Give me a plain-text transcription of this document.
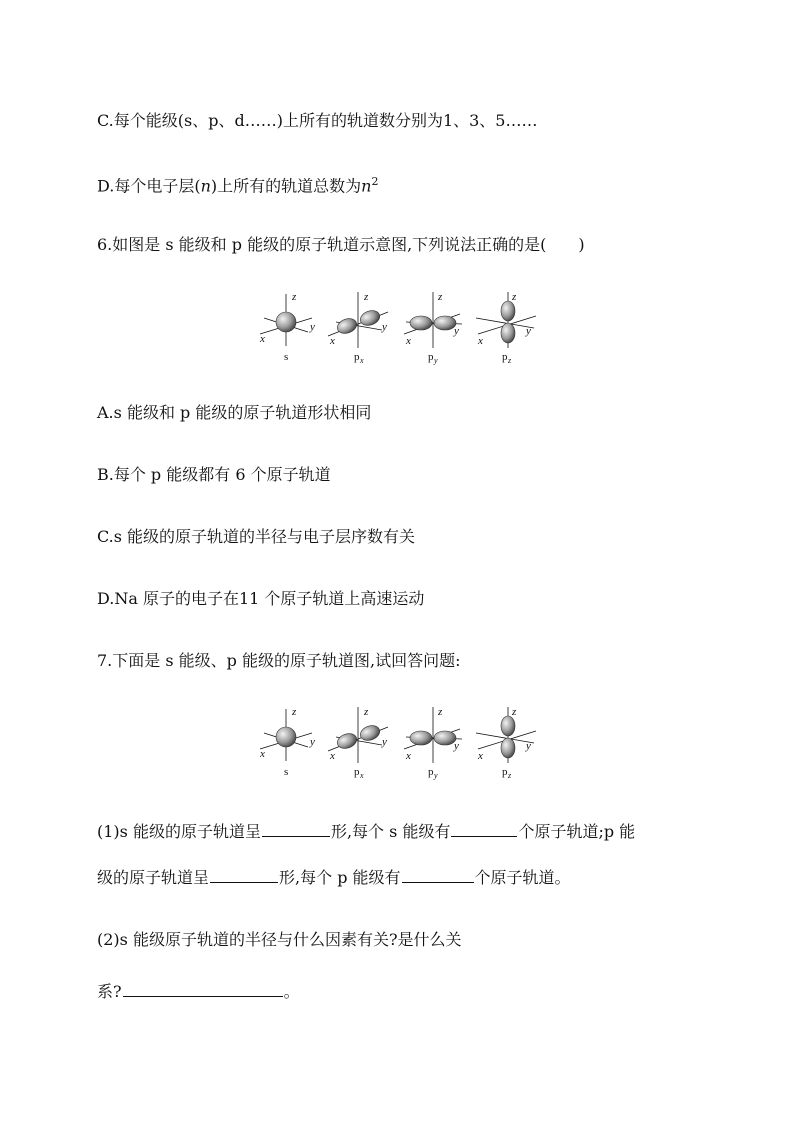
C.每个能级(s、p、d……)上所有的轨道数分别为1、3、5……
D.每个电子层(n)上所有的轨道总数为$n^2$
6.如图是 s 能级和 p 能级的原子轨道示意图,下列说法正确的是(　　)
z
y
x
s
z
y
x
p x
z
y
x
p y
z
y
x
p z
A.s 能级和 p 能级的原子轨道形状相同
B.每个 p 能级都有 6 个原子轨道
C.s 能级的原子轨道的半径与电子层序数有关
D.Na 原子的电子在11 个原子轨道上高速运动
7.下面是 s 能级、p 能级的原子轨道图,试回答问题:
z
y
x
s
z
y
x
p x
z
y
x
p y
z
y
x
p z
(1)s 能级的原子轨道呈	形,每个 s 能级有	个原子轨道;p 能
级的原子轨道呈	形,每个 p 能级有	个原子轨道。
(2)s 能级原子轨道的半径与什么因素有关?是什么关
系?	。
